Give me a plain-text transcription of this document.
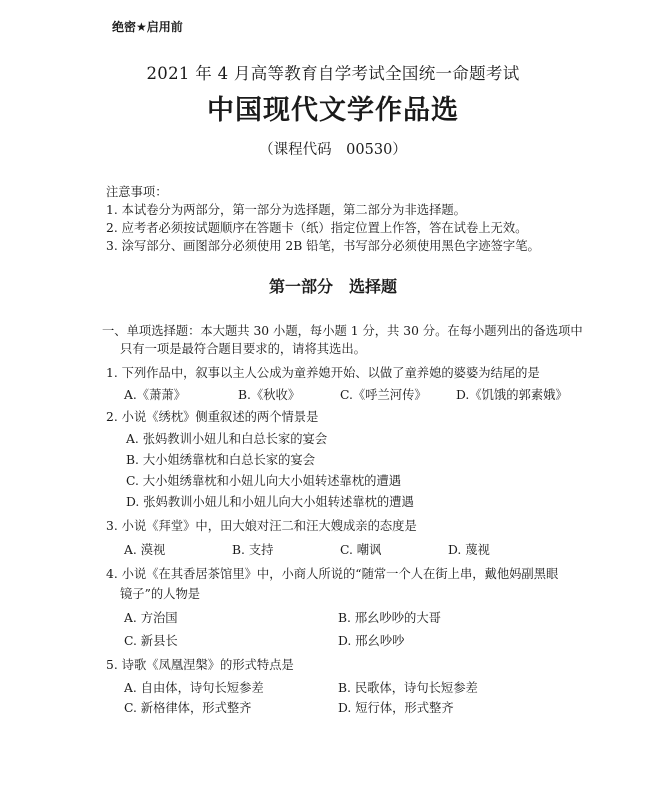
绝密★启用前
2021 年 4 月高等教育自学考试全国统一命题考试
中国现代文学作品选
（课程代码　00530）
注意事项：
1. 本试卷分为两部分，第一部分为选择题，第二部分为非选择题。
2. 应考者必须按试题顺序在答题卡（纸）指定位置上作答，答在试卷上无效。
3. 涂写部分、画图部分必须使用 2B 铅笔，书写部分必须使用黑色字迹签字笔。
第一部分　选择题
一、单项选择题：本大题共 30 小题，每小题 1 分，共 30 分。在每小题列出的备选项中
只有一项是最符合题目要求的，请将其选出。
1. 下列作品中，叙事以主人公成为童养媳开始、以做了童养媳的婆婆为结尾的是
A.《萧萧》	B.《秋收》	C.《呼兰河传》 D.《饥饿的郭素娥》
2. 小说《绣枕》侧重叙述的两个情景是
A. 张妈教训小妞儿和白总长家的宴会
B. 大小姐绣靠枕和白总长家的宴会
C. 大小姐绣靠枕和小妞儿向大小姐转述靠枕的遭遇
D. 张妈教训小妞儿和小妞儿向大小姐转述靠枕的遭遇
3. 小说《拜堂》中，田大娘对汪二和汪大嫂成亲的态度是
A. 漠视	B. 支持	C. 嘲讽	D. 蔑视
4. 小说《在其香居茶馆里》中，小商人所说的“随常一个人在街上串，戴他妈副黑眼
镜子”的人物是
A. 方治国	B. 邢幺吵吵的大哥
C. 新县长	D. 邢幺吵吵
5. 诗歌《凤凰涅槃》的形式特点是
A. 自由体，诗句长短参差	B. 民歌体，诗句长短参差
C. 新格律体，形式整齐	D. 短行体，形式整齐
